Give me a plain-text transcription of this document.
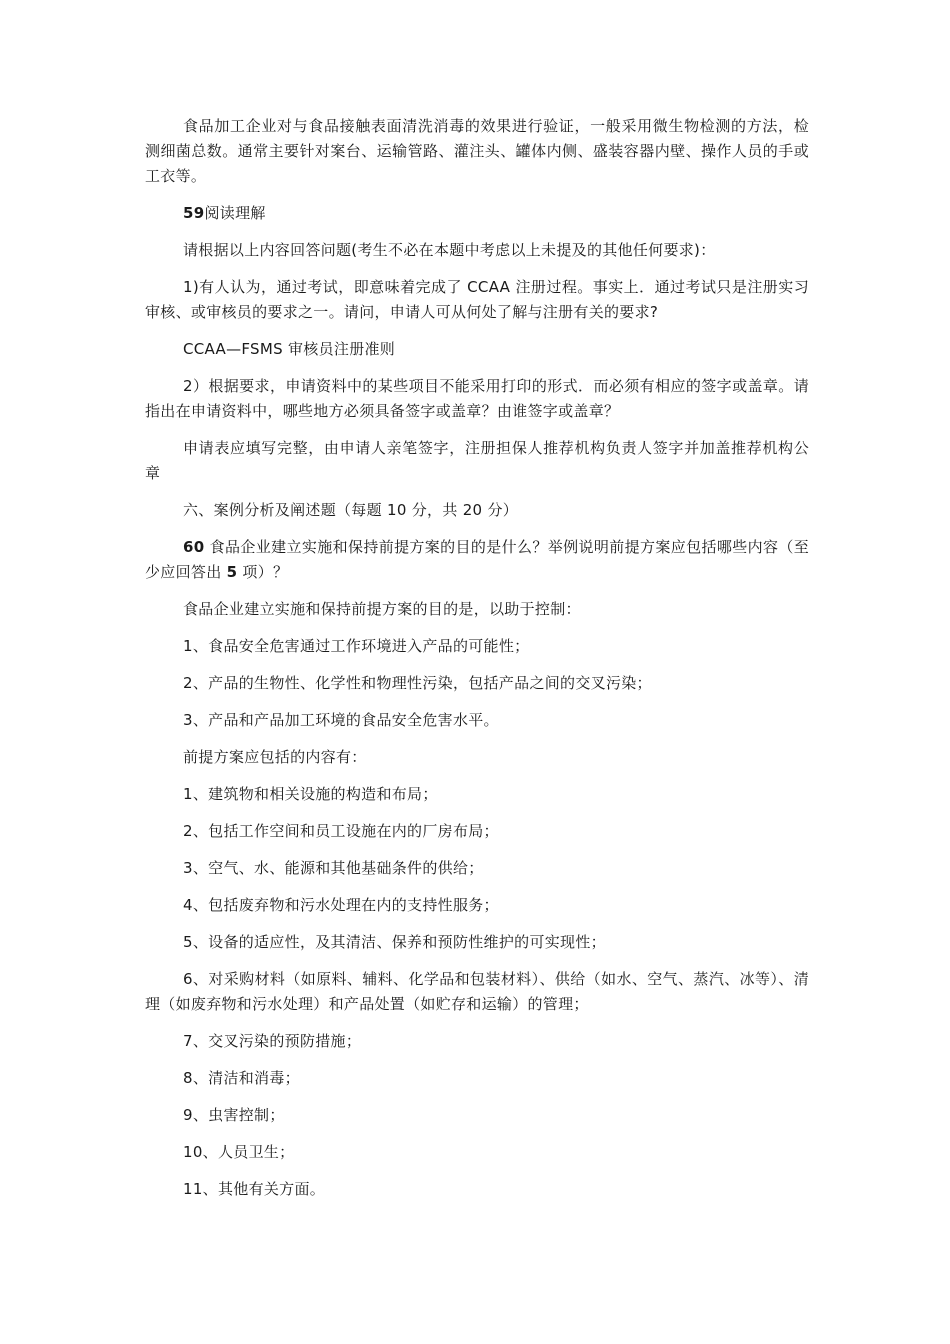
食品加工企业对与食品接触表面清洗消毒的效果进行验证，一般采用微生物检测的方法，检测细菌总数。通常主要针对案台、运输管路、灌注头、罐体内侧、盛装容器内壁、操作人员的手或工衣等。

59阅读理解

请根据以上内容回答问题(考生不必在本题中考虑以上未提及的其他任何要求)：

1)有人认为，通过考试，即意味着完成了 CCAA 注册过程。事实上．通过考试只是注册实习审核、或审核员的要求之一。请问，申请人可从何处了解与注册有关的要求?

CCAA—FSMS 审核员注册准则

2）根据要求，申请资料中的某些项目不能采用打印的形式．而必须有相应的签字或盖章。请指出在申请资料中，哪些地方必须具备签字或盖章？由谁签字或盖章？

申请表应填写完整，由申请人亲笔签字，注册担保人推荐机构负责人签字并加盖推荐机构公章

六、案例分析及阐述题（每题 10 分，共 20 分）

60 食品企业建立实施和保持前提方案的目的是什么？举例说明前提方案应包括哪些内容（至少应回答出 5 项）？

食品企业建立实施和保持前提方案的目的是，以助于控制：

1、食品安全危害通过工作环境进入产品的可能性；

2、产品的生物性、化学性和物理性污染，包括产品之间的交叉污染；

3、产品和产品加工环境的食品安全危害水平。

前提方案应包括的内容有：

1、建筑物和相关设施的构造和布局；

2、包括工作空间和员工设施在内的厂房布局；

3、空气、水、能源和其他基础条件的供给；

4、包括废弃物和污水处理在内的支持性服务；

5、设备的适应性，及其清洁、保养和预防性维护的可实现性；

6、对采购材料（如原料、辅料、化学品和包装材料）、供给（如水、空气、蒸汽、冰等）、清理（如废弃物和污水处理）和产品处置（如贮存和运输）的管理；

7、交叉污染的预防措施；

8、清洁和消毒；

9、虫害控制；

10、人员卫生；

11、其他有关方面。
